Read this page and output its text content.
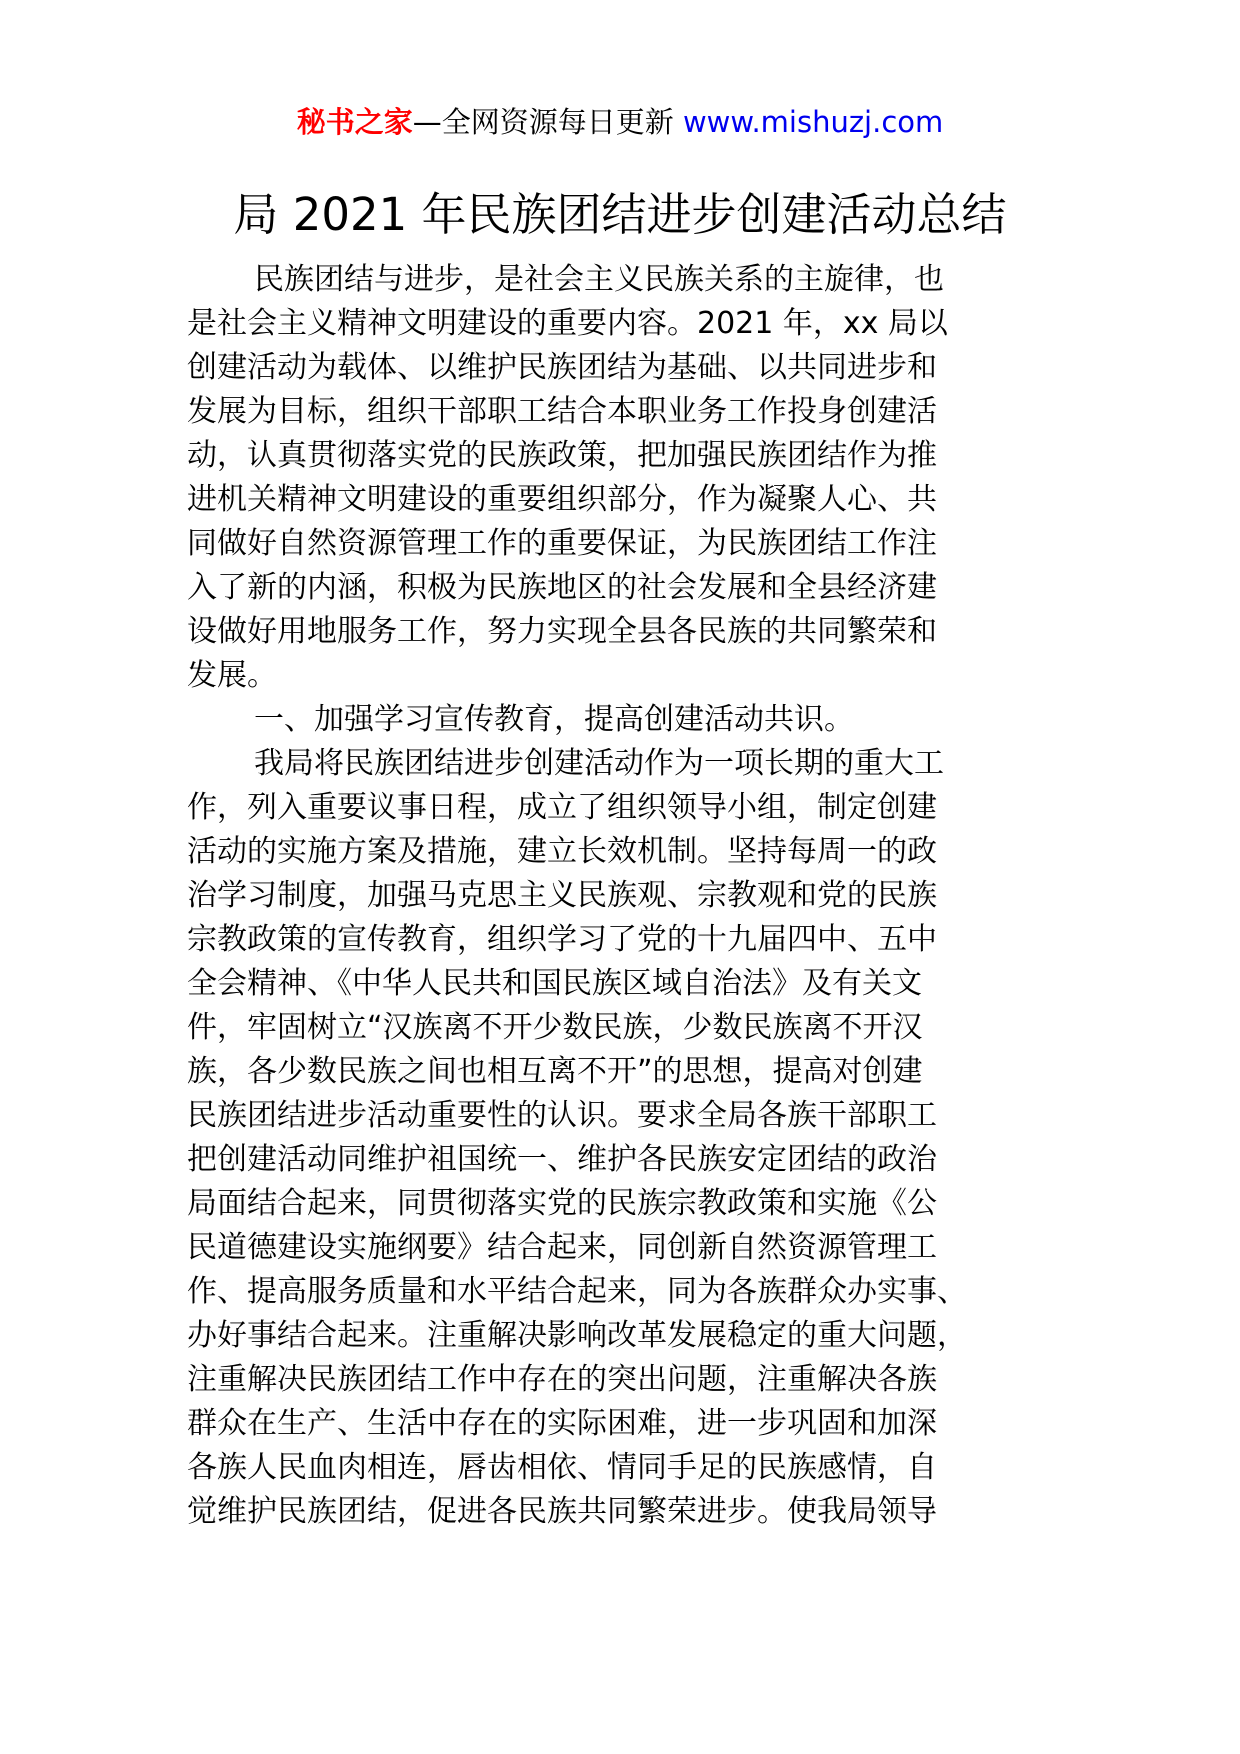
秘书之家—全网资源每日更新 www.mishuzj.com
局 2021 年民族团结进步创建活动总结
民族团结与进步，是社会主义民族关系的主旋律，也
是社会主义精神文明建设的重要内容。2021 年，xx 局以
创建活动为载体、以维护民族团结为基础、以共同进步和
发展为目标，组织干部职工结合本职业务工作投身创建活
动，认真贯彻落实党的民族政策，把加强民族团结作为推
进机关精神文明建设的重要组织部分，作为凝聚人心、共
同做好自然资源管理工作的重要保证，为民族团结工作注
入了新的内涵，积极为民族地区的社会发展和全县经济建
设做好用地服务工作，努力实现全县各民族的共同繁荣和
发展。
一、加强学习宣传教育，提高创建活动共识。
我局将民族团结进步创建活动作为一项长期的重大工
作，列入重要议事日程，成立了组织领导小组，制定创建
活动的实施方案及措施，建立长效机制。坚持每周一的政
治学习制度，加强马克思主义民族观、宗教观和党的民族
宗教政策的宣传教育，组织学习了党的十九届四中、五中
全会精神、《中华人民共和国民族区域自治法》及有关文
件，牢固树立“汉族离不开少数民族，少数民族离不开汉
族，各少数民族之间也相互离不开”的思想，提高对创建
民族团结进步活动重要性的认识。要求全局各族干部职工
把创建活动同维护祖国统一、维护各民族安定团结的政治
局面结合起来，同贯彻落实党的民族宗教政策和实施《公
民道德建设实施纲要》结合起来，同创新自然资源管理工
作、提高服务质量和水平结合起来，同为各族群众办实事、
办好事结合起来。注重解决影响改革发展稳定的重大问题，
注重解决民族团结工作中存在的突出问题，注重解决各族
群众在生产、生活中存在的实际困难，进一步巩固和加深
各族人民血肉相连，唇齿相依、情同手足的民族感情，自
觉维护民族团结，促进各民族共同繁荣进步。使我局领导
